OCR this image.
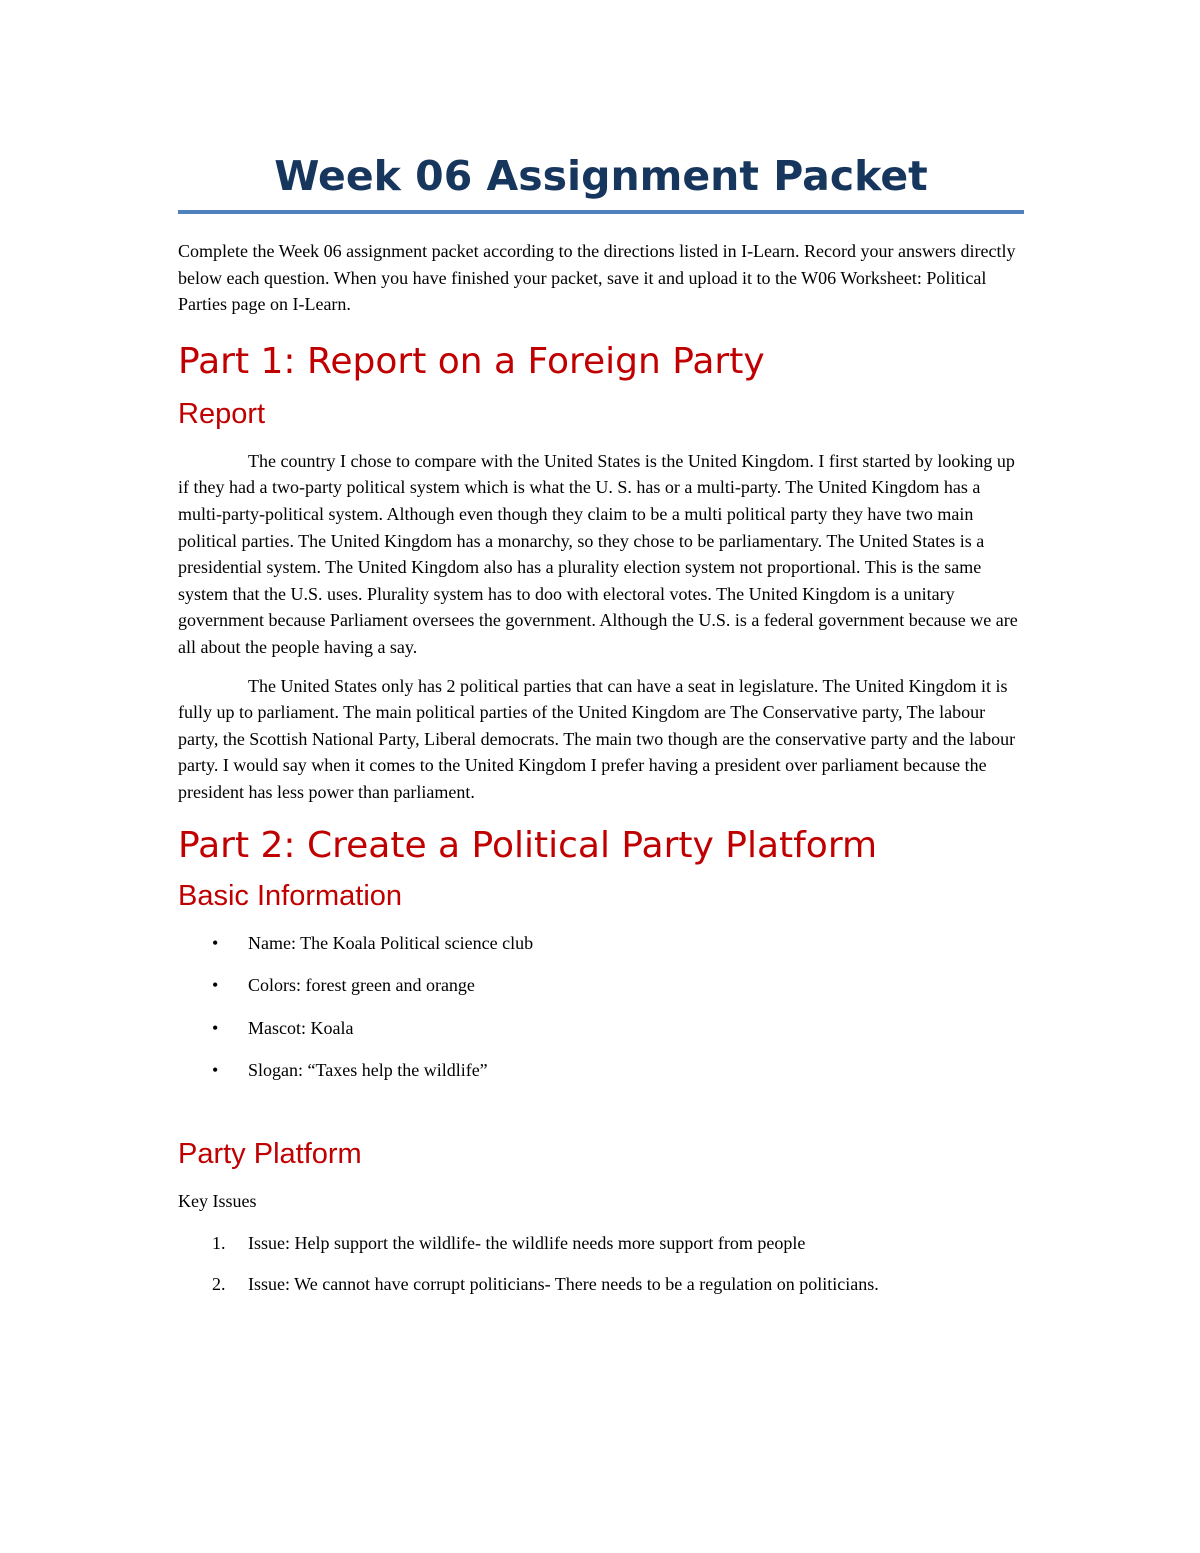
Week 06 Assignment Packet

Complete the Week 06 assignment packet according to the directions listed in I-Learn. Record your answers directly below each question. When you have finished your packet, save it and upload it to the W06 Worksheet: Political Parties page on I-Learn.

Part 1: Report on a Foreign Party
Report

The country I chose to compare with the United States is the United Kingdom. I first started by looking up if they had a two-party political system which is what the U. S. has or a multi-party. The United Kingdom has a multi-party-political system. Although even though they claim to be a multi political party they have two main political parties. The United Kingdom has a monarchy, so they chose to be parliamentary. The United States is a presidential system. The United Kingdom also has a plurality election system not proportional. This is the same system that the U.S. uses. Plurality system has to doo with electoral votes. The United Kingdom is a unitary government because Parliament oversees the government. Although the U.S. is a federal government because we are all about the people having a say.

The United States only has 2 political parties that can have a seat in legislature. The United Kingdom it is fully up to parliament. The main political parties of the United Kingdom are The Conservative party, The labour party, the Scottish National Party, Liberal democrats. The main two though are the conservative party and the labour party. I would say when it comes to the United Kingdom I prefer having a president over parliament because the president has less power than parliament.

Part 2: Create a Political Party Platform
Basic Information
• Name: The Koala Political science club
• Colors: forest green and orange
• Mascot: Koala
• Slogan: “Taxes help the wildlife”
Party Platform

Key Issues

1. Issue: Help support the wildlife- the wildlife needs more support from people
2. Issue: We cannot have corrupt politicians- There needs to be a regulation on politicians.
